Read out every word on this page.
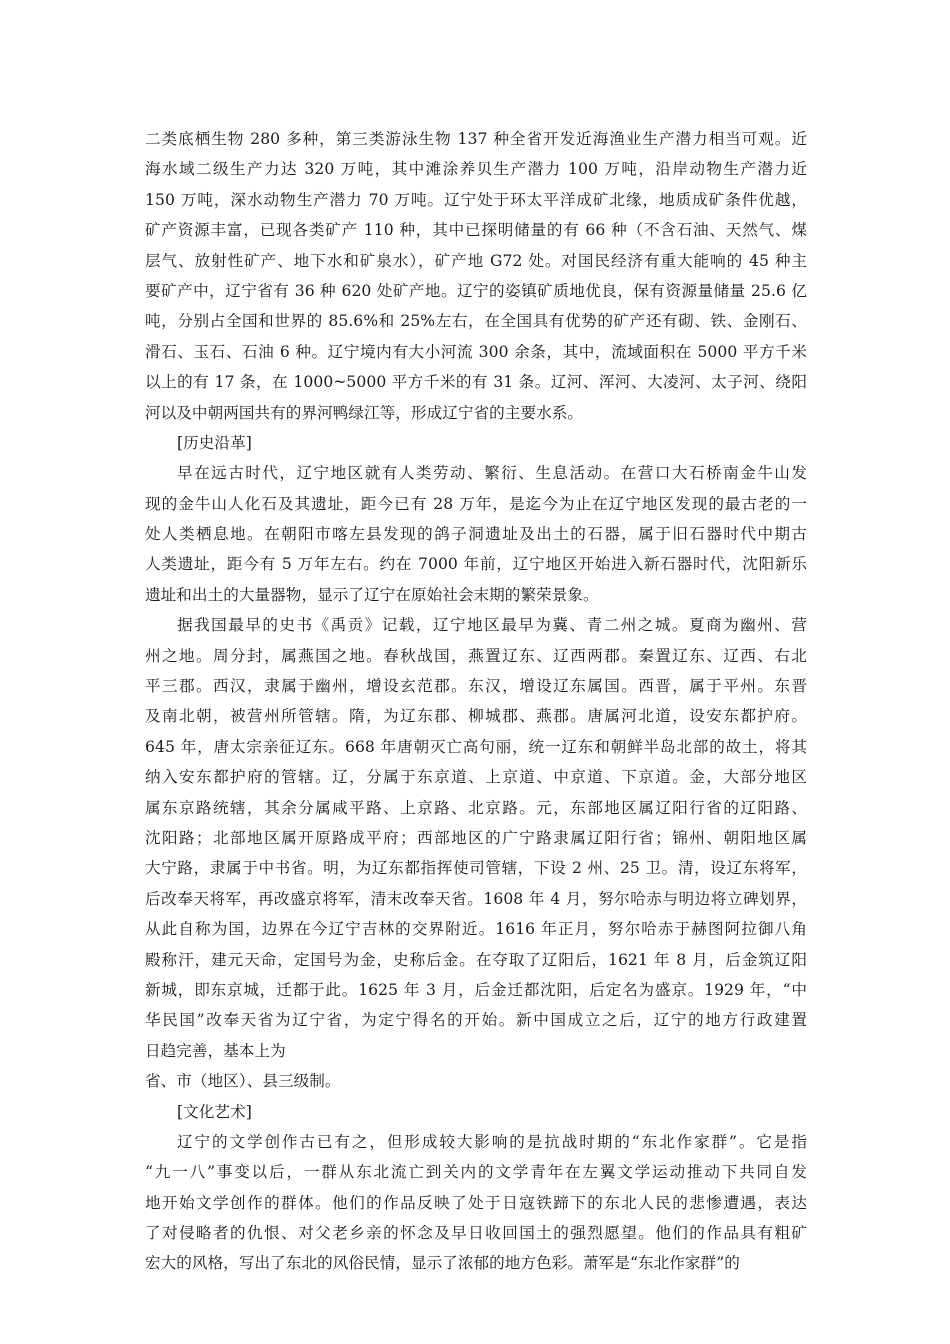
二类底栖生物 280 多种，第三类游泳生物 137 种全省开发近海渔业生产潜力相当可观。近
海水域二级生产力达 320 万吨，其中滩涂养贝生产潜力 100 万吨，沿岸动物生产潜力近
150 万吨，深水动物生产潜力 70 万吨。辽宁处于环太平洋成矿北缘，地质成矿条件优越，
矿产资源丰富，已现各类矿产 110 种，其中已探明储量的有 66 种（不含石油、天然气、煤
层气、放射性矿产、地下水和矿泉水），矿产地 G72 处。对国民经济有重大能响的 45 种主
要矿产中，辽宁省有 36 种 620 处矿产地。辽宁的姿镇矿质地优良，保有资源量储量 25.6 亿
吨，分别占全国和世界的 85.6%和 25%左右，在全国具有优势的矿产还有砌、铁、金刚石、
滑石、玉石、石油 6 种。辽宁境内有大小河流 300 余条，其中，流域面积在 5000 平方千米
以上的有 17 条，在 1000~5000 平方千米的有 31 条。辽河、浑河、大凌河、太子河、绕阳
河以及中朝两国共有的界河鸭绿江等，形成辽宁省的主要水系。
[历史沿革]
早在远古时代，辽宁地区就有人类劳动、繁衍、生息活动。在营口大石桥南金牛山发
现的金牛山人化石及其遗址，距今已有 28 万年，是迄今为止在辽宁地区发现的最古老的一
处人类栖息地。在朝阳市喀左县发现的鸽子洞遗址及出土的石器，属于旧石器时代中期古
人类遗址，距今有 5 万年左右。约在 7000 年前，辽宁地区开始进入新石器时代，沈阳新乐
遗址和出土的大量器物，显示了辽宁在原始社会末期的繁荣景象。
据我国最早的史书《禹贡》记载，辽宁地区最早为冀、青二州之城。夏商为幽州、营
州之地。周分封，属燕国之地。春秋战国，燕置辽东、辽西两郡。秦置辽东、辽西、右北
平三郡。西汉，隶属于幽州，增设玄范郡。东汉，增设辽东属国。西晋，属于平州。东晋
及南北朝，被营州所管辖。隋，为辽东郡、柳城郡、燕郡。唐属河北道，设安东都护府。
645 年，唐太宗亲征辽东。668 年唐朝灭亡高句丽，统一辽东和朝鲜半岛北部的故土，将其
纳入安东都护府的管辖。辽，分属于东京道、上京道、中京道、下京道。金，大部分地区
属东京路统辖，其余分属咸平路、上京路、北京路。元，东部地区属辽阳行省的辽阳路、
沈阳路；北部地区属开原路成平府；西部地区的广宁路隶属辽阳行省；锦州、朝阳地区属
大宁路，隶属于中书省。明，为辽东都指挥使司管辖，下设 2 州、25 卫。清，设辽东将军，
后改奉天将军，再改盛京将军，清末改奉天省。1608 年 4 月，努尔哈赤与明边将立碑划界，
从此自称为国，边界在今辽宁吉林的交界附近。1616 年正月，努尔哈赤于赫图阿拉御八角
殿称汗，建元天命，定国号为金，史称后金。在夺取了辽阳后，1621 年 8 月，后金筑辽阳
新城，即东京城，迁都于此。1625 年 3 月，后金迁都沈阳，后定名为盛京。1929 年，“中
华民国”改奉天省为辽宁省，为定宁得名的开始。新中国成立之后，辽宁的地方行政建置
日趋完善，基本上为
省、市（地区）、县三级制。
[文化艺术]
辽宁的文学创作古已有之，但形成较大影响的是抗战时期的“东北作家群”。它是指
“九一八”事变以后，一群从东北流亡到关内的文学青年在左翼文学运动推动下共同自发
地开始文学创作的群体。他们的作品反映了处于日寇铁蹄下的东北人民的悲惨遭遇，表达
了对侵略者的仇恨、对父老乡亲的怀念及早日收回国土的强烈愿望。他们的作品具有粗矿
宏大的风格，写出了东北的风俗民情，显示了浓郁的地方色彩。萧军是“东北作家群”的
